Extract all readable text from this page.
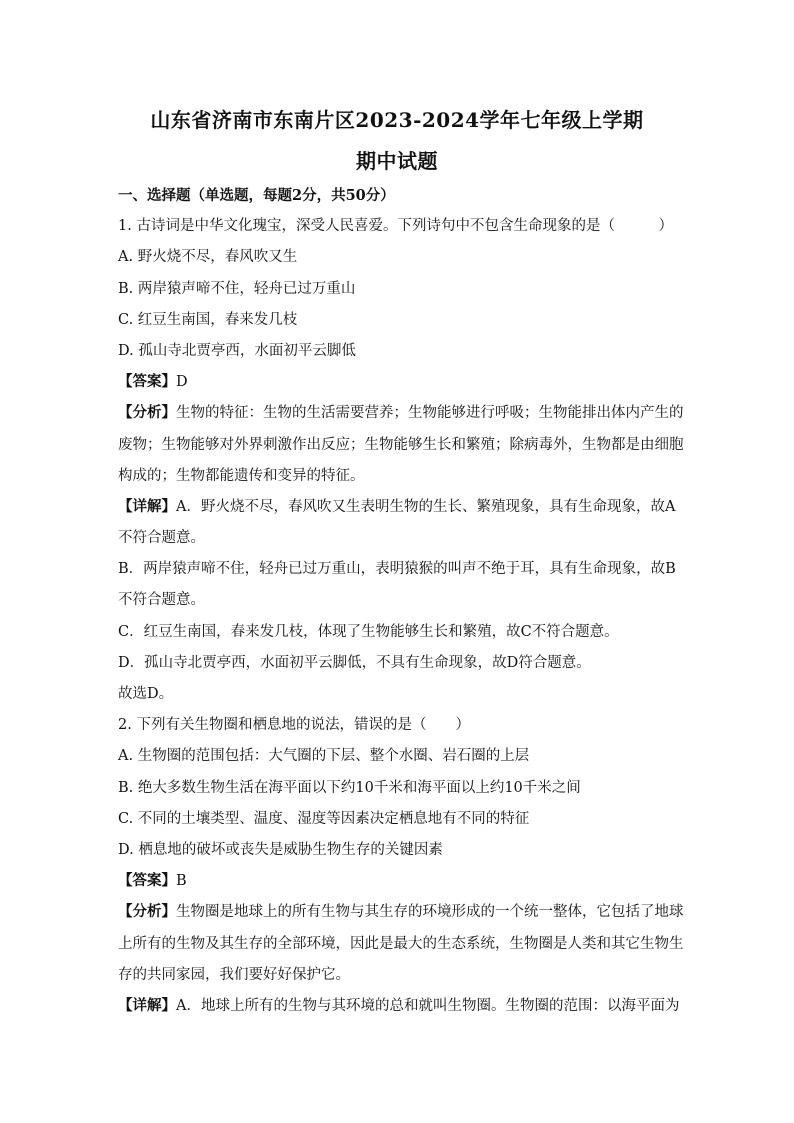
山东省济南市东南片区2023-2024学年七年级上学期
期中试题
一、选择题（单选题，每题2分，共50分）
1. 古诗词是中华文化瑰宝，深受人民喜爱。下列诗句中不包含生命现象的是（　　　）
A. 野火烧不尽，春风吹又生
B. 两岸猿声啼不住，轻舟已过万重山
C. 红豆生南国，春来发几枝
D. 孤山寺北贾亭西，水面初平云脚低
【答案】D
【分析】生物的特征：生物的生活需要营养；生物能够进行呼吸；生物能排出体内产生的
废物；生物能够对外界刺激作出反应；生物能够生长和繁殖；除病毒外，生物都是由细胞
构成的；生物都能遗传和变异的特征。
【详解】A．野火烧不尽，春风吹又生表明生物的生长、繁殖现象，具有生命现象，故A
不符合题意。
B．两岸猿声啼不住，轻舟已过万重山，表明猿猴的叫声不绝于耳，具有生命现象，故B
不符合题意。
C．红豆生南国，春来发几枝，体现了生物能够生长和繁殖，故C不符合题意。
D．孤山寺北贾亭西，水面初平云脚低，不具有生命现象，故D符合题意。
故选D。
2. 下列有关生物圈和栖息地的说法，错误的是（　　）
A. 生物圈的范围包括：大气圈的下层、整个水圈、岩石圈的上层
B. 绝大多数生物生活在海平面以下约10千米和海平面以上约10千米之间
C. 不同的土壤类型、温度、湿度等因素决定栖息地有不同的特征
D. 栖息地的破坏或丧失是威胁生物生存的关键因素
【答案】B
【分析】生物圈是地球上的所有生物与其生存的环境形成的一个统一整体，它包括了地球
上所有的生物及其生存的全部环境，因此是最大的生态系统，生物圈是人类和其它生物生
存的共同家园，我们要好好保护它。
【详解】A．地球上所有的生物与其环境的总和就叫生物圈。生物圈的范围：以海平面为
